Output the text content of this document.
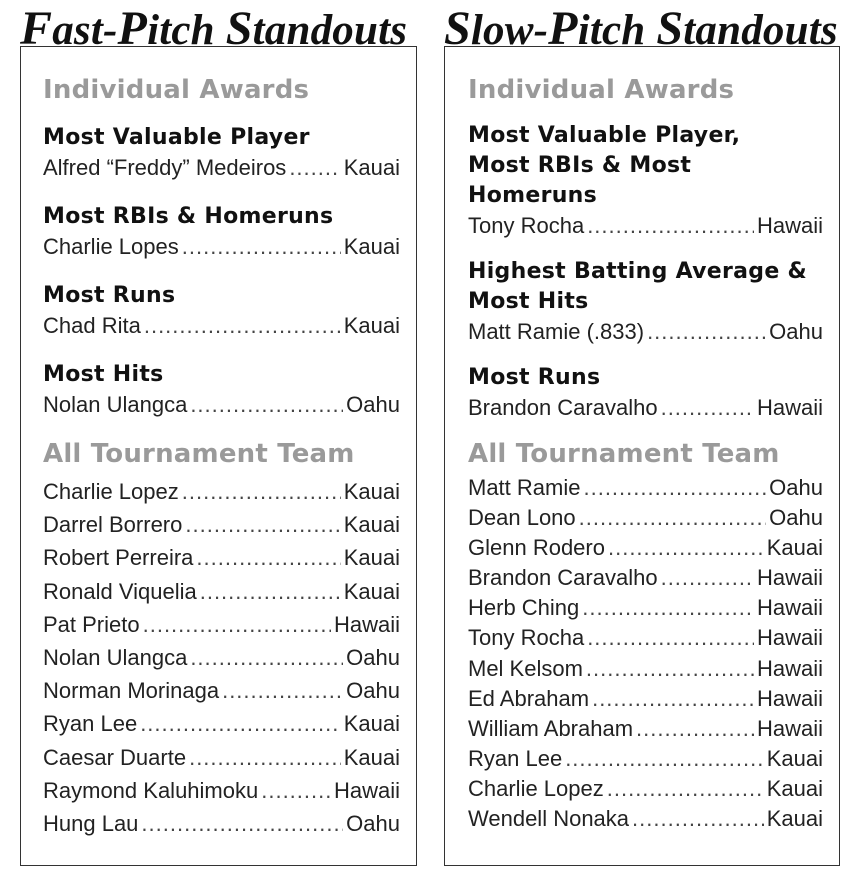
Fast-Pitch Standouts
Individual Awards
Most Valuable Player
Alfred “Freddy” Medeiros .....	Kauai
Most RBIs & Homeruns
Charlie Lopes .....	Kauai
Most Runs
Chad Rita .....	Kauai
Most Hits
Nolan Ulangca .....	Oahu
All Tournament Team
Charlie Lopez .....	Kauai
Darrel Borrero .....	Kauai
Robert Perreira .....	Kauai
Ronald Viquelia .....	Kauai
Pat Prieto .....	Hawaii
Nolan Ulangca .....	Oahu
Norman Morinaga .....	Oahu
Ryan Lee .....	Kauai
Caesar Duarte .....	Kauai
Raymond Kaluhimoku .....	Hawaii
Hung Lau .....	Oahu
Slow-Pitch Standouts
Individual Awards
Most Valuable Player, Most RBIs & Most Homeruns
Tony Rocha .....	Hawaii
Highest Batting Average & Most Hits
Matt Ramie (.833) .....	Oahu
Most Runs
Brandon Caravalho .....	Hawaii
All Tournament Team
Matt Ramie .....	Oahu
Dean Lono .....	Oahu
Glenn Rodero .....	Kauai
Brandon Caravalho .....	Hawaii
Herb Ching .....	Hawaii
Tony Rocha .....	Hawaii
Mel Kelsom .....	Hawaii
Ed Abraham .....	Hawaii
William Abraham .....	Hawaii
Ryan Lee .....	Kauai
Charlie Lopez .....	Kauai
Wendell Nonaka .....	Kauai
